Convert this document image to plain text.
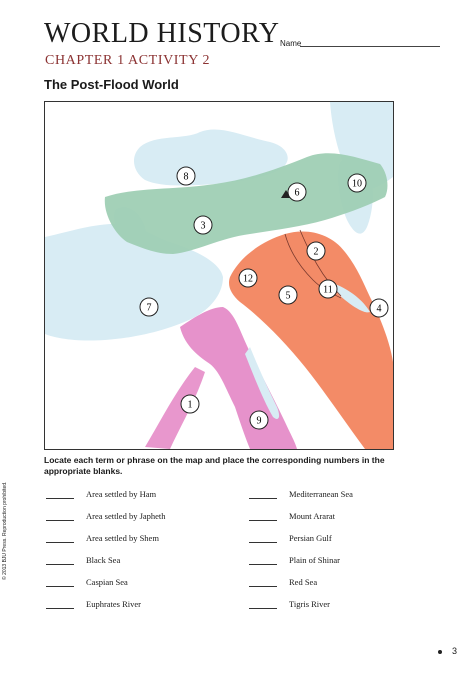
WORLD HISTORY Name
CHAPTER 1 ACTIVITY 2
The Post-Flood World
1
2
3
4
5
6
7
8
9
10
11
12
Locate each term or phrase on the map and place the corresponding numbers in the appropriate blanks.
Area settled by Ham
Area settled by Japheth
Area settled by Shem
Black Sea
Caspian Sea
Euphrates River
Mediterranean Sea
Mount Ararat
Persian Gulf
Plain of Shinar
Red Sea
Tigris River
© 2013 BJU Press. Reproduction prohibited.
3
